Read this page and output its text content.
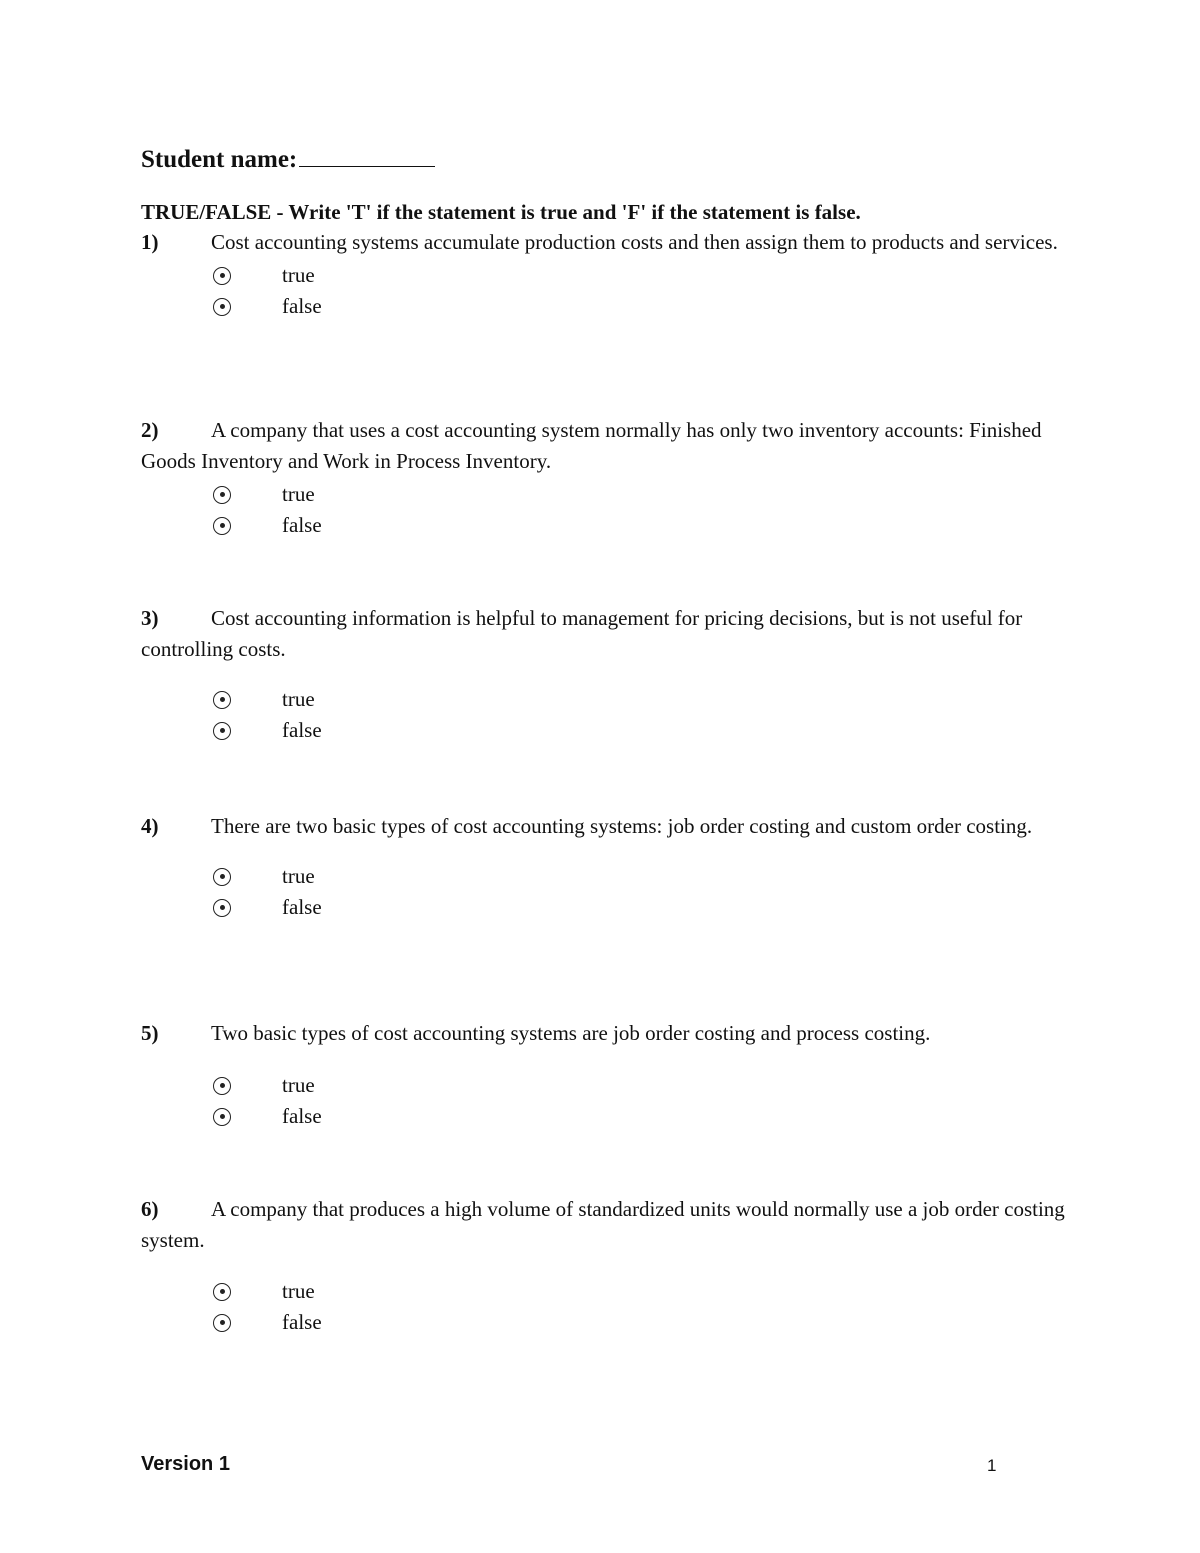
Student name:
TRUE/FALSE - Write 'T' if the statement is true and 'F' if the statement is false.

1)	Cost accounting systems accumulate production costs and then assign them to products and services.

true
false

2)	A company that uses a cost accounting system normally has only two inventory accounts: Finished Goods Inventory and Work in Process Inventory.

true
false

3)	Cost accounting information is helpful to management for pricing decisions, but is not useful for controlling costs.

true
false

4)	There are two basic types of cost accounting systems: job order costing and custom order costing.

true
false

5)	Two basic types of cost accounting systems are job order costing and process costing.

true
false

6)	A company that produces a high volume of standardized units would normally use a job order costing system.

true
false
Version 1	1
